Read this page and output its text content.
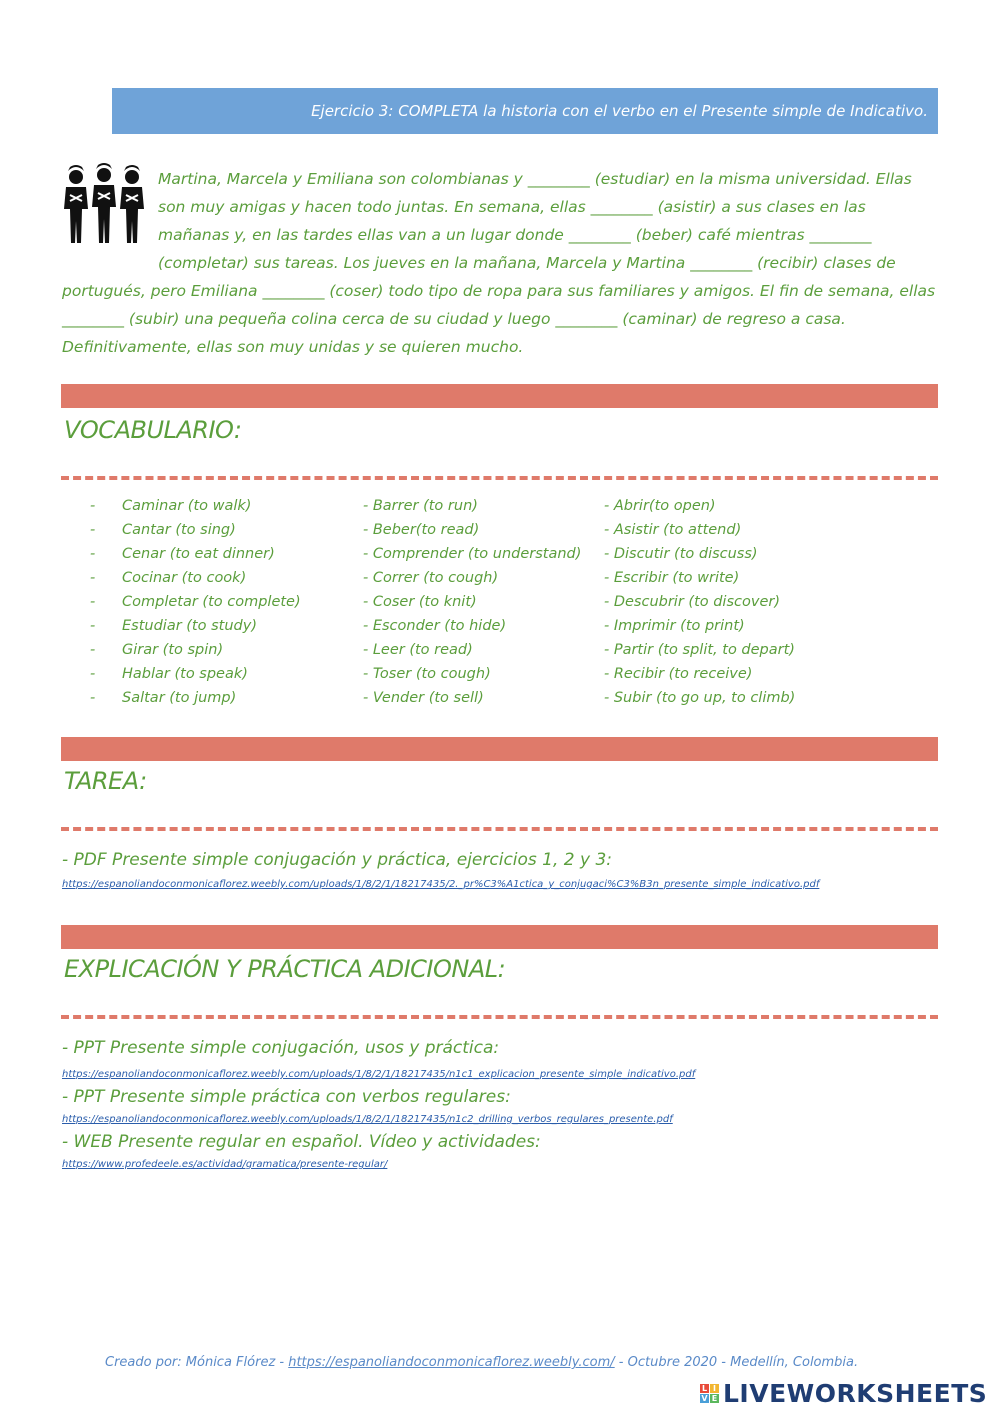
Ejercicio 3: COMPLETA la historia con el verbo en el Presente simple de Indicativo.
Martina, Marcela y Emiliana son colombianas y ________ (estudiar) en la misma universidad. Ellas son muy amigas y hacen todo juntas. En semana, ellas ________ (asistir) a sus clases en las mañanas y, en las tardes ellas van a un lugar donde ________ (beber) café mientras ________ (completar) sus tareas. Los jueves en la mañana, Marcela y Martina ________ (recibir) clases de portugués, pero Emiliana ________ (coser) todo tipo de ropa para sus familiares y amigos. El fin de semana, ellas ________ (subir) una pequeña colina cerca de su ciudad y luego ________ (caminar) de regreso a casa. Definitivamente, ellas son muy unidas y se quieren mucho.
VOCABULARIO:
- Caminar (to walk)
- Cantar (to sing)
- Cenar (to eat dinner)
- Cocinar (to cook)
- Completar (to complete)
- Estudiar (to study)
- Girar (to spin)
- Hablar (to speak)
- Saltar (to jump)
- Barrer (to run)
- Beber(to read)
- Comprender (to understand)
- Correr (to cough)
- Coser (to knit)
- Esconder (to hide)
- Leer (to read)
- Toser (to cough)
- Vender (to sell)
- Abrir(to open)
- Asistir (to attend)
- Discutir (to discuss)
- Escribir (to write)
- Descubrir (to discover)
- Imprimir (to print)
- Partir (to split, to depart)
- Recibir (to receive)
- Subir (to go up, to climb)
TAREA:
- PDF Presente simple conjugación y práctica, ejercicios 1, 2 y 3:
https://espanoliandoconmonicaflorez.weebly.com/uploads/1/8/2/1/18217435/2._pr%C3%A1ctica_y_conjugaci%C3%B3n_presente_simple_indicativo.pdf
EXPLICACIÓN Y PRÁCTICA ADICIONAL:
- PPT Presente simple conjugación, usos y práctica:
https://espanoliandoconmonicaflorez.weebly.com/uploads/1/8/2/1/18217435/n1c1_explicacion_presente_simple_indicativo.pdf
- PPT Presente simple práctica con verbos regulares:
https://espanoliandoconmonicaflorez.weebly.com/uploads/1/8/2/1/18217435/n1c2_drilling_verbos_regulares_presente.pdf
- WEB Presente regular en español. Vídeo y actividades:
https://www.profedeele.es/actividad/gramatica/presente-regular/
Creado por: Mónica Flórez - https://espanoliandoconmonicaflorez.weebly.com/ - Octubre 2020 - Medellín, Colombia.
L I
V E LIVEWORKSHEETS
